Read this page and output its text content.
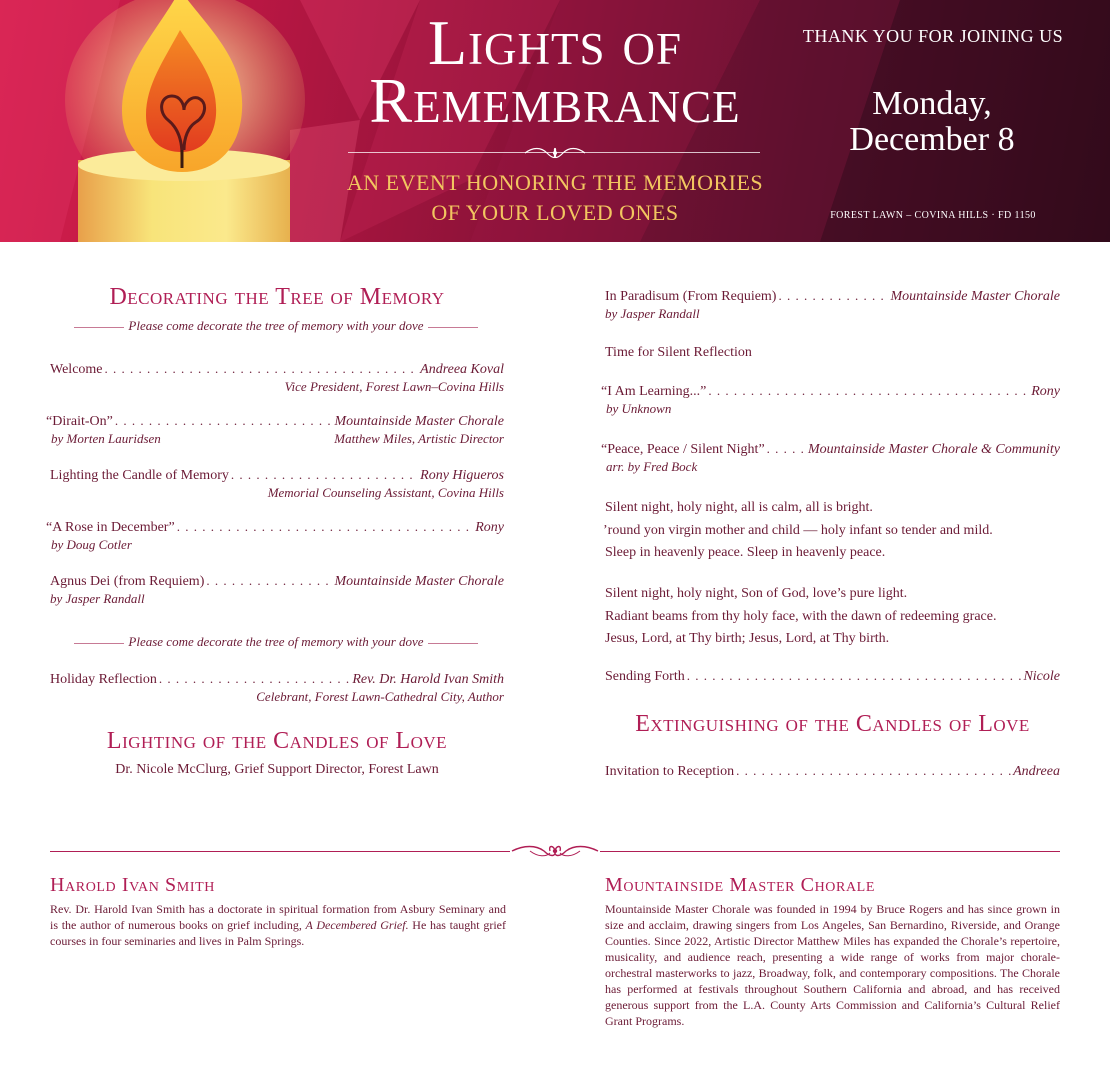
Lights of
Remembrance
AN EVENT HONORING THE MEMORIES
OF YOUR LOVED ONES
THANK YOU FOR JOINING US
Monday,
December 8
FOREST LAWN – COVINA HILLS · FD 1150
Decorating the Tree of Memory
Please come decorate the tree of memory with your dove
Welcome . . .	Andreea Koval
Vice President, Forest Lawn–Covina Hills
“Dirait-On” . . .	Mountainside Master Chorale
by Morten Lauridsen	Matthew Miles, Artistic Director
Lighting the Candle of Memory . . .	Rony Higueros
Memorial Counseling Assistant, Covina Hills
“A Rose in December” . . .	Rony
by Doug Cotler
Agnus Dei (from Requiem) . . .	Mountainside Master Chorale
by Jasper Randall
Please come decorate the tree of memory with your dove
Holiday Reflection . . .	Rev. Dr. Harold Ivan Smith
Celebrant, Forest Lawn-Cathedral City, Author
Lighting of the Candles of Love
Dr. Nicole McClurg, Grief Support Director, Forest Lawn
In Paradisum (From Requiem) . . .	Mountainside Master Chorale
by Jasper Randall
Time for Silent Reflection
“I Am Learning...” . . .	Rony
by Unknown
“Peace, Peace / Silent Night” . . .	Mountainside Master Chorale & Community
arr. by Fred Bock
Silent night, holy night, all is calm, all is bright.
’round yon virgin mother and child — holy infant so tender and mild.
Sleep in heavenly peace. Sleep in heavenly peace.
Silent night, holy night, Son of God, love’s pure light.
Radiant beams from thy holy face, with the dawn of redeeming grace.
Jesus, Lord, at Thy birth; Jesus, Lord, at Thy birth.
Sending Forth . . .	Nicole
Extinguishing of the Candles of Love
Invitation to Reception . . .	Andreea
Harold Ivan Smith

Rev. Dr. Harold Ivan Smith has a doctorate in spiritual formation from Asbury Seminary and is the author of numerous books on grief including, A Decembered Grief. He has taught grief courses in four seminaries and lives in Palm Springs.

Mountainside Master Chorale

Mountainside Master Chorale was founded in 1994 by Bruce Rogers and has since grown in size and acclaim, drawing singers from Los Angeles, San Bernardino, Riverside, and Orange Counties. Since 2022, Artistic Director Matthew Miles has expanded the Chorale’s repertoire, musicality, and audience reach, presenting a wide range of works from major chorale-orchestral masterworks to jazz, Broadway, folk, and contemporary compositions. The Chorale has performed at festivals throughout Southern California and abroad, and has received generous support from the L.A. County Arts Commission and California’s Cultural Relief Grant Programs.
